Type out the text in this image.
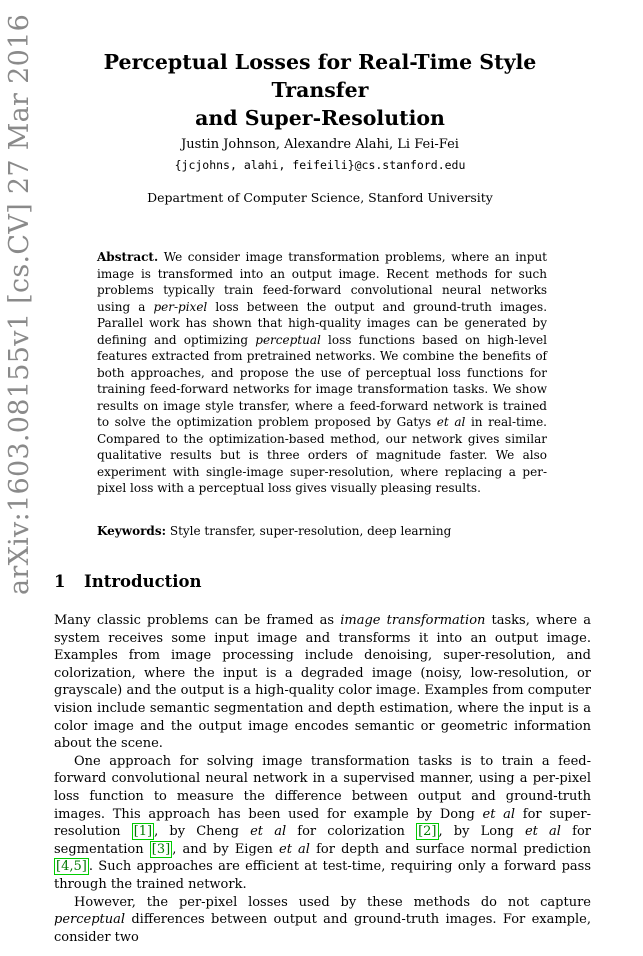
arXiv:1603.08155v1 [cs.CV] 27 Mar 2016	Perceptual Losses for Real-Time Style Transfer
and Super-Resolution
Justin Johnson, Alexandre Alahi, Li Fei-Fei
{jcjohns, alahi, feifeili}@cs.stanford.edu
Department of Computer Science, Stanford University
Abstract. We consider image transformation problems, where an input image is transformed into an output image. Recent methods for such problems typically train feed-forward convolutional neural networks using a per-pixel loss between the output and ground-truth images. Parallel work has shown that high-quality images can be generated by defining and optimizing perceptual loss functions based on high-level features extracted from pretrained networks. We combine the benefits of both approaches, and propose the use of perceptual loss functions for training feed-forward networks for image transformation tasks. We show results on image style transfer, where a feed-forward network is trained to solve the optimization problem proposed by Gatys et al in real-time. Compared to the optimization-based method, our network gives similar qualitative results but is three orders of magnitude faster. We also experiment with single-image super-resolution, where replacing a per-pixel loss with a perceptual loss gives visually pleasing results.
Keywords: Style transfer, super-resolution, deep learning
1 Introduction

Many classic problems can be framed as image transformation tasks, where a system receives some input image and transforms it into an output image. Examples from image processing include denoising, super-resolution, and colorization, where the input is a degraded image (noisy, low-resolution, or grayscale) and the output is a high-quality color image. Examples from computer vision include semantic segmentation and depth estimation, where the input is a color image and the output image encodes semantic or geometric information about the scene.

One approach for solving image transformation tasks is to train a feed-forward convolutional neural network in a supervised manner, using a per-pixel loss function to measure the difference between output and ground-truth images. This approach has been used for example by Dong et al for super-resolution [1] , by Cheng et al for colorization [2] , by Long et al for segmentation [3] , and by Eigen et al for depth and surface normal prediction [4,5] . Such approaches are efficient at test-time, requiring only a forward pass through the trained network.

However, the per-pixel losses used by these methods do not capture perceptual differences between output and ground-truth images. For example, consider two
